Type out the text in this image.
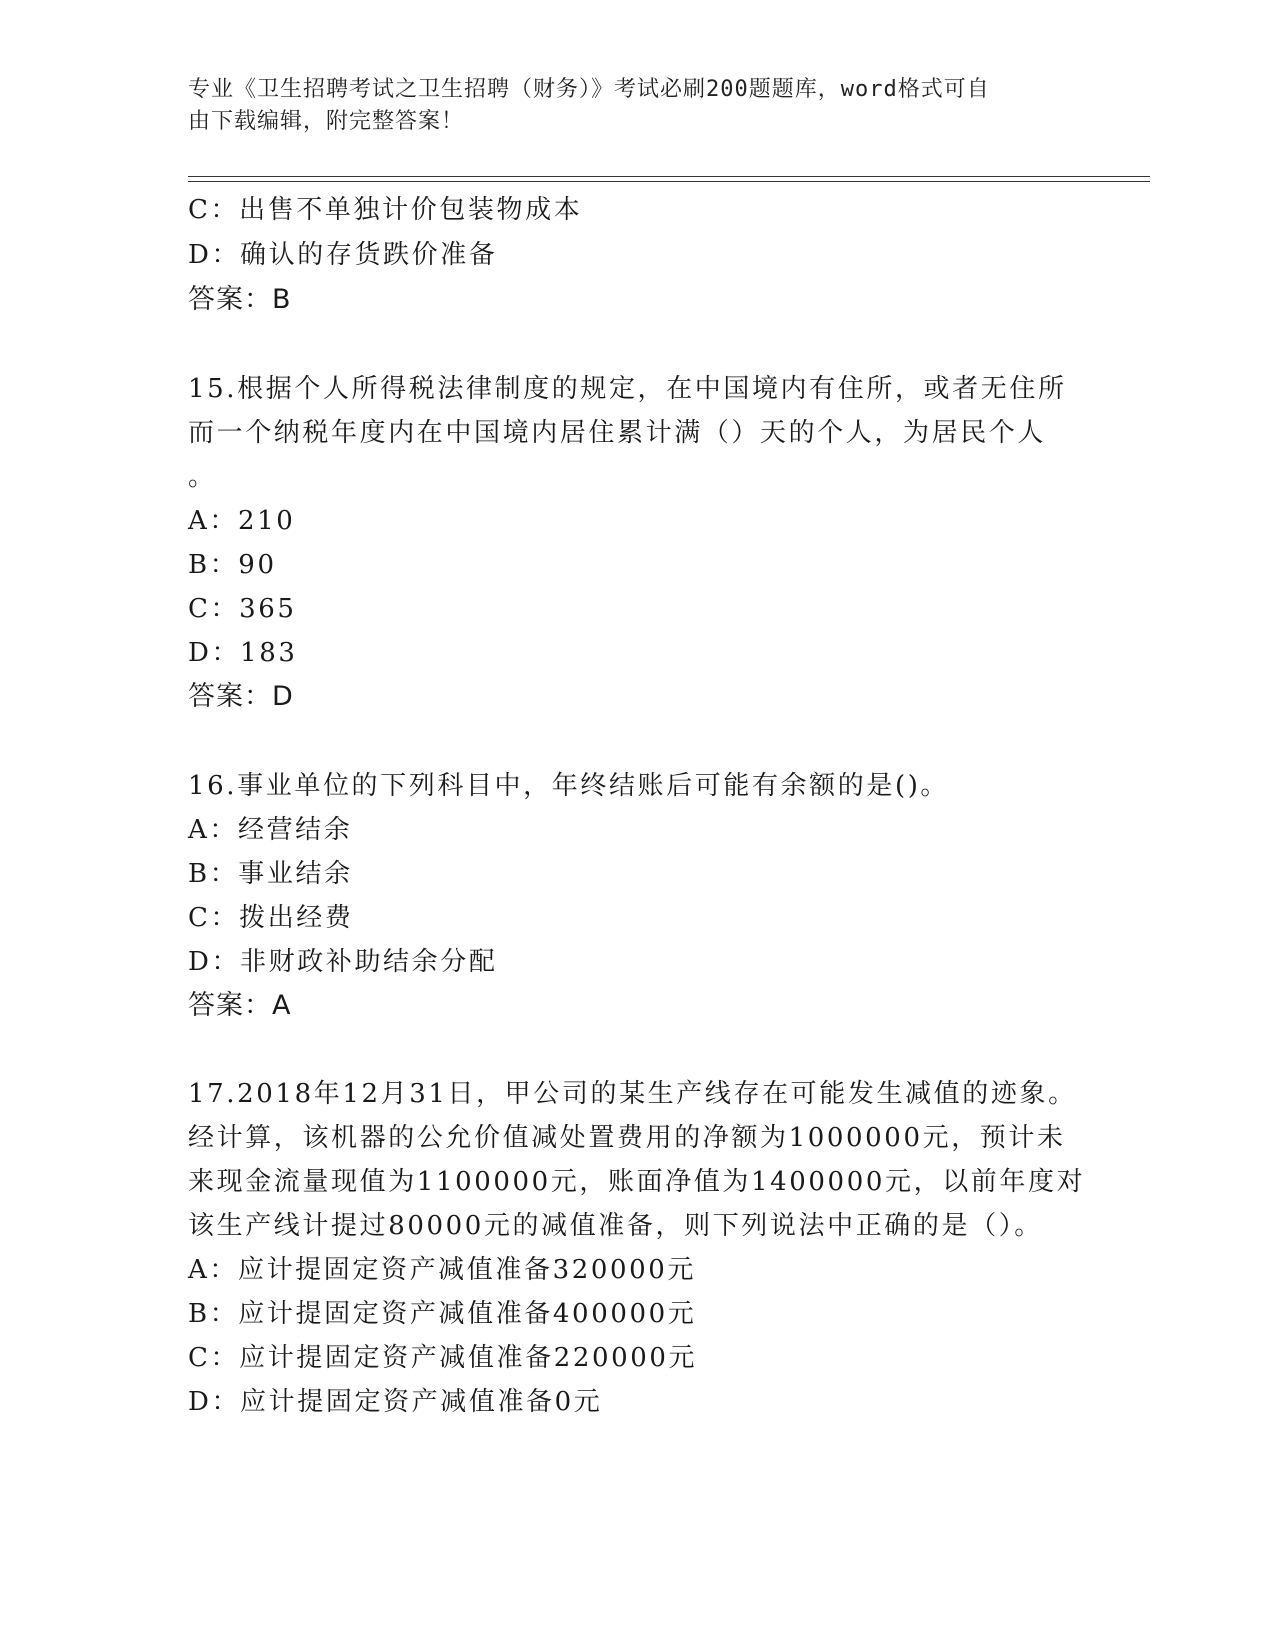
专业《卫生招聘考试之卫生招聘（财务）》考试必刷200题题库，word格式可自
由下载编辑，附完整答案！
C：出售不单独计价包装物成本
D：确认的存货跌价准备
答案：B
15.根据个人所得税法律制度的规定，在中国境内有住所，或者无住所
而一个纳税年度内在中国境内居住累计满（）天的个人，为居民个人
。
A：210
B：90
C：365
D：183
答案：D
16.事业单位的下列科目中，年终结账后可能有余额的是()。
A：经营结余
B：事业结余
C：拨出经费
D：非财政补助结余分配
答案：A
17.2018年12月31日，甲公司的某生产线存在可能发生减值的迹象。
经计算，该机器的公允价值减处置费用的净额为1000000元，预计未
来现金流量现值为1100000元，账面净值为1400000元，以前年度对
该生产线计提过80000元的减值准备，则下列说法中正确的是（）。
A：应计提固定资产减值准备320000元
B：应计提固定资产减值准备400000元
C：应计提固定资产减值准备220000元
D：应计提固定资产减值准备0元
